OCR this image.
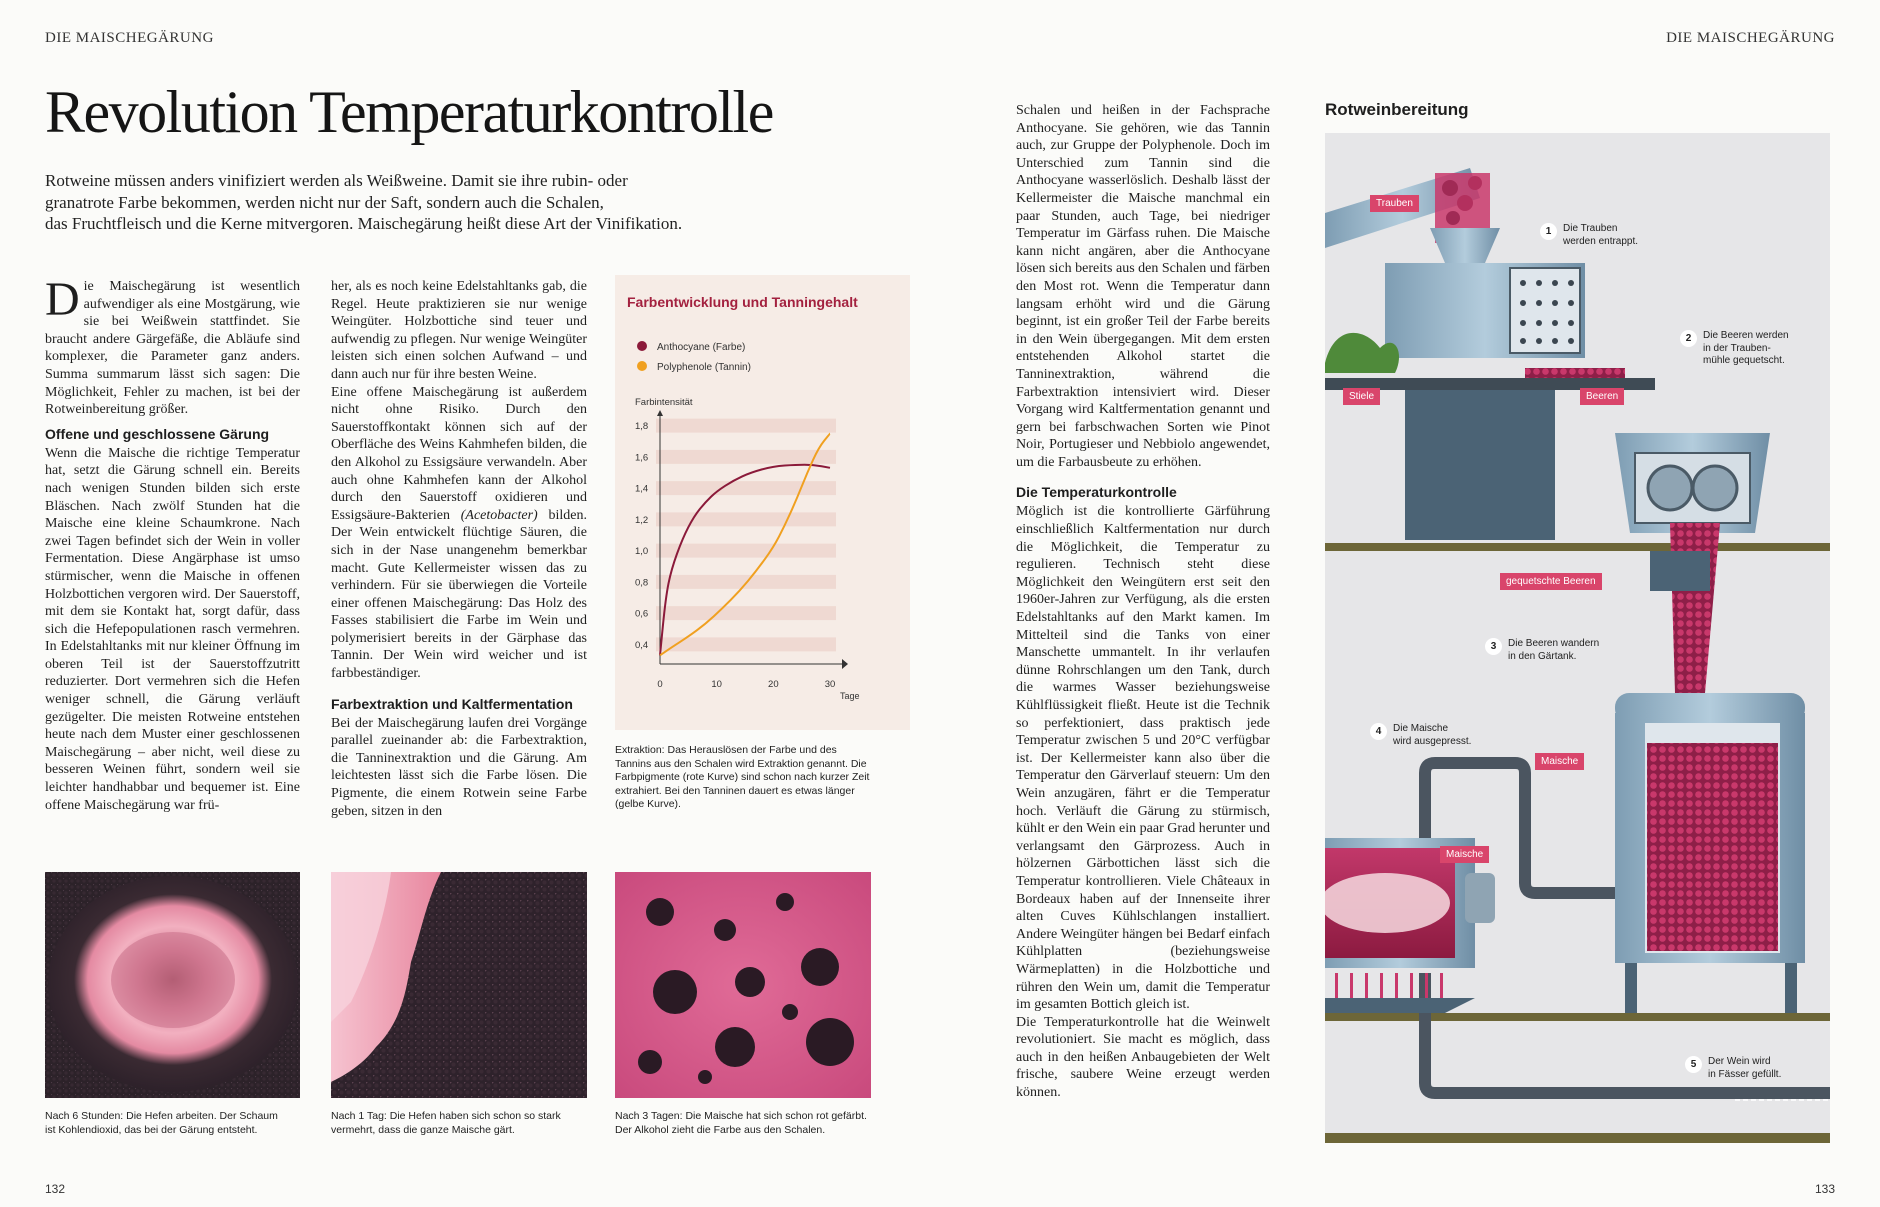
DIE MAISCHEGÄRUNG	DIE MAISCHEGÄRUNG
Revolution Temperaturkontrolle
Rotweine müssen anders vinifiziert werden als Weißweine. Damit sie ihre rubin- oder
granatrote Farbe bekommen, werden nicht nur der Saft, sondern auch die Schalen,
das Fruchtfleisch und die Kerne mitvergoren. Maischegärung heißt diese Art der Vinifikation.

Die Maischegärung ist wesentlich aufwendiger als eine Mostgärung, wie sie bei Weißwein stattfindet. Sie braucht andere Gärgefäße, die Abläufe sind komplexer, die Parameter ganz anders. Summa summarum lässt sich sagen: Die Möglichkeit, Fehler zu machen, ist bei der Rotweinbereitung größer.

Offene und geschlossene Gärung

Wenn die Maische die richtige Temperatur hat, setzt die Gärung schnell ein. Bereits nach wenigen Stunden bilden sich erste Bläschen. Nach zwölf Stunden hat die Maische eine kleine Schaumkrone. Nach zwei Tagen befindet sich der Wein in voller Fermentation. Diese Angärphase ist umso stürmischer, wenn die Maische in offenen Holzbottichen vergoren wird. Der Sauerstoff, mit dem sie Kontakt hat, sorgt dafür, dass sich die Hefepopulationen rasch vermehren. In Edelstahltanks mit nur kleiner Öffnung im oberen Teil ist der Sauerstoffzutritt reduzierter. Dort vermehren sich die Hefen weniger schnell, die Gärung verläuft gezügelter. Die meisten Rotweine entstehen heute nach dem Muster einer geschlossenen Maischegärung – aber nicht, weil diese zu besseren Weinen führt, sondern weil sie leichter handhabbar und bequemer ist. Eine offene Maischegärung war frü-

her, als es noch keine Edelstahltanks gab, die Regel. Heute praktizieren sie nur wenige Weingüter. Holzbottiche sind teuer und aufwendig zu pflegen. Nur wenige Weingüter leisten sich einen solchen Aufwand – und dann auch nur für ihre besten Weine.

Eine offene Maischegärung ist außerdem nicht ohne Risiko. Durch den Sauerstoffkontakt können sich auf der Oberfläche des Weins Kahmhefen bilden, die den Alkohol zu Essigsäure verwandeln. Aber auch ohne Kahmhefen kann der Alkohol durch den Sauerstoff oxidieren und Essigsäure-Bakterien (Acetobacter) bilden. Der Wein entwickelt flüchtige Säuren, die sich in der Nase unangenehm bemerkbar macht. Gute Kellermeister wissen das zu verhindern. Für sie überwiegen die Vorteile einer offenen Maischegärung: Das Holz des Fasses stabilisiert die Farbe im Wein und polymerisiert bereits in der Gärphase das Tannin. Der Wein wird weicher und ist farbbeständiger.

Farbextraktion und Kaltfermentation

Bei der Maischegärung laufen drei Vorgänge parallel zueinander ab: die Farbextraktion, die Tanninextraktion und die Gärung. Am leichtesten lässt sich die Farbe lösen. Die Pigmente, die einem Rotwein seine Farbe geben, sitzen in den

Farbentwicklung und Tanningehalt
Anthocyane (Farbe)
Polyphenole (Tannin)
Farbintensität
0,4
0,6
0,8
1,0
1,2
1,4
1,6
1,8
0	10	20	30
Tage
Extraktion: Das Herauslösen der Farbe und des Tannins aus den Schalen wird Extraktion genannt. Die Farbpigmente (rote Kurve) sind schon nach kurzer Zeit extrahiert. Bei den Tanninen dauert es etwas länger (gelbe Kurve).
Nach 6 Stunden: Die Hefen arbeiten. Der Schaum ist Kohlendioxid, das bei der Gärung entsteht.
Nach 1 Tag: Die Hefen haben sich schon so stark vermehrt, dass die ganze Maische gärt.
Nach 3 Tagen: Die Maische hat sich schon rot gefärbt. Der Alkohol zieht die Farbe aus den Schalen.

Schalen und heißen in der Fachsprache Anthocyane. Sie gehören, wie das Tannin auch, zur Gruppe der Polyphenole. Doch im Unterschied zum Tannin sind die Anthocyane wasserlöslich. Deshalb lässt der Kellermeister die Maische manchmal ein paar Stunden, auch Tage, bei niedriger Temperatur im Gärfass ruhen. Die Maische kann nicht angären, aber die Anthocyane lösen sich bereits aus den Schalen und färben den Most rot. Wenn die Temperatur dann langsam erhöht wird und die Gärung beginnt, ist ein großer Teil der Farbe bereits in den Wein übergegangen. Mit dem ersten entstehenden Alkohol startet die Tanninextraktion, während die Farbextraktion intensiviert wird. Dieser Vorgang wird Kaltfermentation genannt und gern bei farbschwachen Sorten wie Pinot Noir, Portugieser und Nebbiolo angewendet, um die Farbausbeute zu erhöhen.

Die Temperaturkontrolle

Möglich ist die kontrollierte Gärführung einschließlich Kaltfermentation nur durch die Möglichkeit, die Temperatur zu regulieren. Technisch steht diese Möglichkeit den Weingütern erst seit den 1960er-Jahren zur Verfügung, als die ersten Edelstahltanks auf den Markt kamen. Im Mittelteil sind die Tanks von einer Manschette ummantelt. In ihr verlaufen dünne Rohrschlangen um den Tank, durch die warmes Wasser beziehungsweise Kühlflüssigkeit fließt. Heute ist die Technik so perfektioniert, dass praktisch jede Temperatur zwischen 5 und 20°C verfügbar ist. Der Kellermeister kann also über die Temperatur den Gärverlauf steuern: Um den Wein anzugären, fährt er die Temperatur hoch. Verläuft die Gärung zu stürmisch, kühlt er den Wein ein paar Grad herunter und verlangsamt den Gärprozess. Auch in hölzernen Gärbottichen lässt sich die Temperatur kontrollieren. Viele Châteaux in Bordeaux haben auf der Innenseite ihrer alten Cuves Kühlschlangen installiert. Andere Weingüter hängen bei Bedarf einfach Kühlplatten (beziehungsweise Wärmeplatten) in die Holzbottiche und rühren den Wein um, damit die Temperatur im gesamten Bottich gleich ist.

Die Temperaturkontrolle hat die Weinwelt revolutioniert. Sie macht es möglich, dass auch in den heißen Anbaugebieten der Welt frische, saubere Weine erzeugt werden können.

Rotweinbereitung
Trauben
Stiele	Beeren
gequetschte Beeren
Maische
Maische
1 Die Trauben
werden entrappt.
2 Die Beeren werden
in der Trauben-
mühle gequetscht.
3 Die Beeren wandern
in den Gärtank.
4 Die Maische
wird ausgepresst.
5 Der Wein wird
in Fässer gefüllt.
132	133
